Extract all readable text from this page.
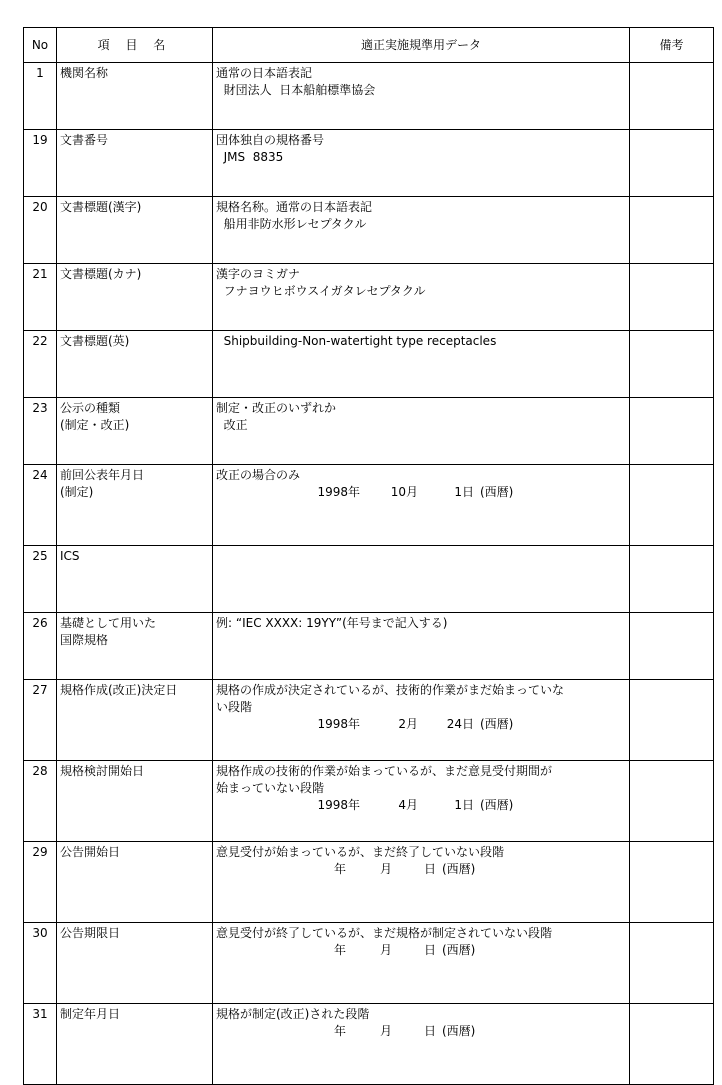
No	項 目 名	適正実施規準用データ	備考
1	機関名称	通常の日本語表記
財団法人  日本船舶標準協会	

19	文書番号	団体独自の規格番号
JMS  8835	

20	文書標題(漢字)	規格名称。通常の日本語表記
船用非防水形レセプタクル	

21	文書標題(カナ)	漢字のヨミガナ
フナヨウヒボウスイガタレセプタクル	

22	文書標題(英)	Shipbuilding-Non-watertight type receptacles	

23	公示の種類
(制定・改正)	制定・改正のいずれか
改正	

24	前回公表年月日
(制定)	改正の場合のみ
1998年 10月 1日 (西暦)	

25	ICS		

26	基礎として用いた
国際規格	例: “IEC XXXX: 19YY”(年号まで記入する)	

27	規格作成(改正)決定日	規格の作成が決定されているが、技術的作業がまだ始まっていな
い段階
1998年 2月 24日 (西暦)	

28	規格検討開始日	規格作成の技術的作業が始まっているが、まだ意見受付期間が
始まっていない段階
1998年 4月 1日 (西暦)	

29	公告開始日	意見受付が始まっているが、まだ終了していない段階
年 月 日 (西暦)	

30	公告期限日	意見受付が終了しているが、まだ規格が制定されていない段階
年 月 日 (西暦)	

31	制定年月日	規格が制定(改正)された段階
年 月 日 (西暦)	
